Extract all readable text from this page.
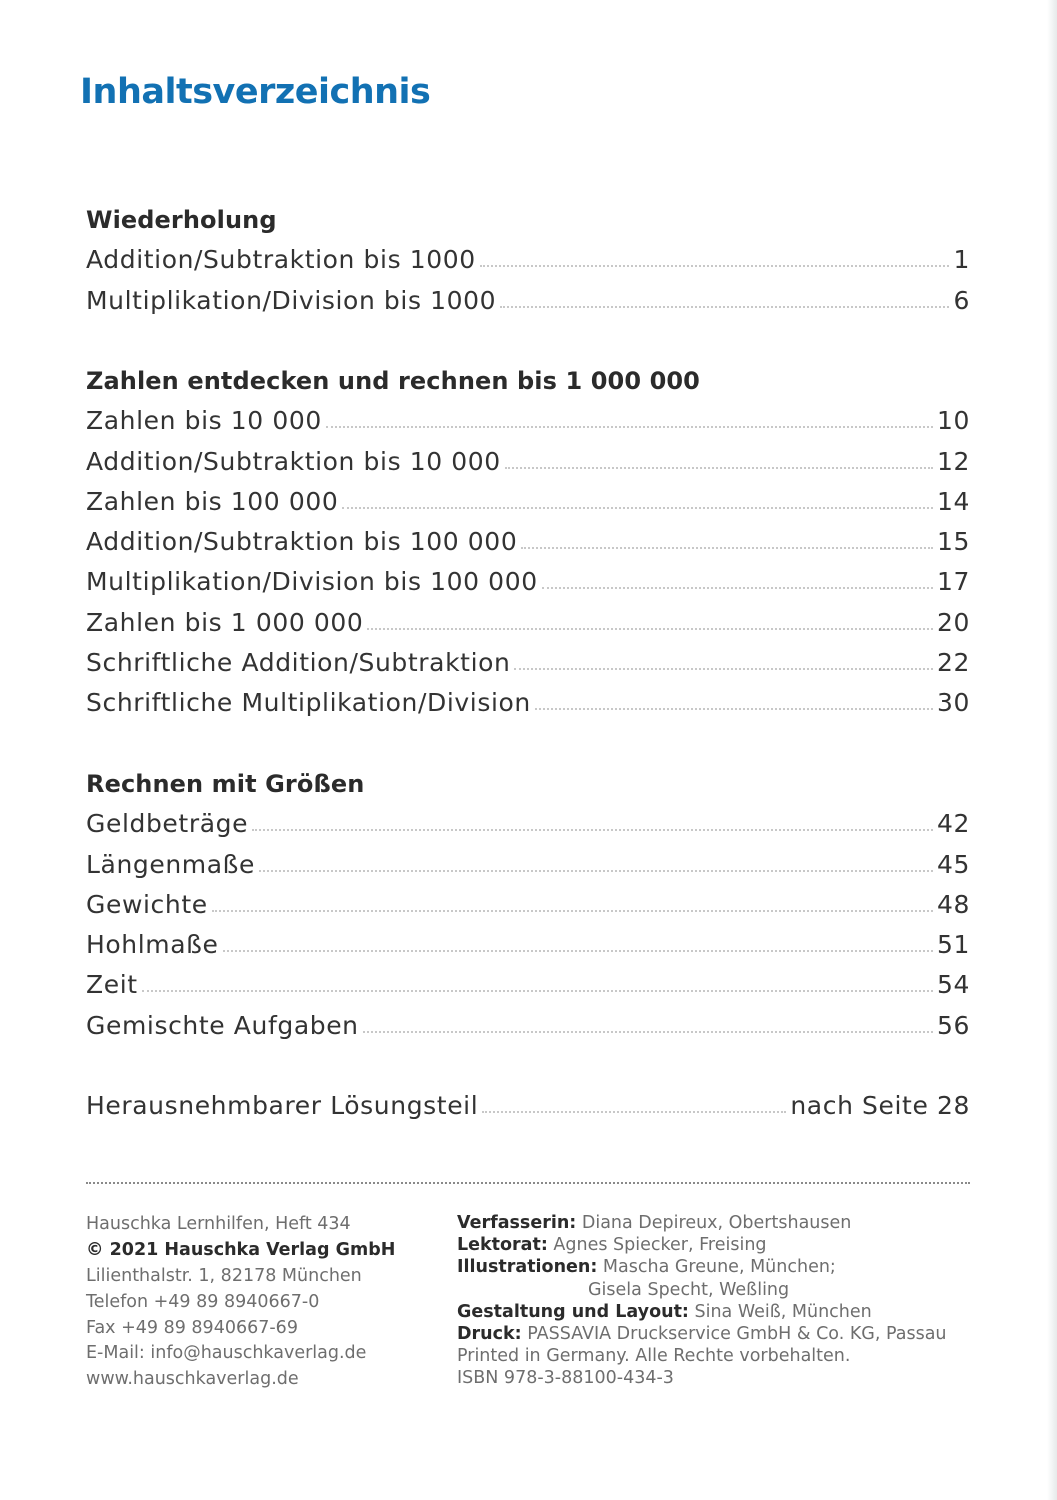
Inhaltsverzeichnis
Wiederholung
Addition/Subtraktion bis 1000	1
Multiplikation/Division bis 1000	6
Zahlen entdecken und rechnen bis 1 000 000
Zahlen bis 10 000	10
Addition/Subtraktion bis 10 000	12
Zahlen bis 100 000	14
Addition/Subtraktion bis 100 000	15
Multiplikation/Division bis 100 000	17
Zahlen bis 1 000 000	20
Schriftliche Addition/Subtraktion	22
Schriftliche Multiplikation/Division	30
Rechnen mit Größen
Geldbeträge	42
Längenmaße	45
Gewichte	48
Hohlmaße	51
Zeit	54
Gemischte Aufgaben	56
Herausnehmbarer Lösungsteil	nach Seite 28
Hauschka Lernhilfen, Heft 434
© 2021 Hauschka Verlag GmbH
Lilienthalstr. 1, 82178 München
Telefon +49 89 8940667-0
Fax +49 89 8940667-69
E-Mail: info@hauschkaverlag.de
www.hauschkaverlag.de
Verfasserin: Diana Depireux, Obertshausen
Lektorat: Agnes Spiecker, Freising
Illustrationen: Mascha Greune, München;
Gisela Specht, Weßling
Gestaltung und Layout: Sina Weiß, München
Druck: PASSAVIA Druckservice GmbH & Co. KG, Passau
Printed in Germany. Alle Rechte vorbehalten.
ISBN 978-3-88100-434-3
